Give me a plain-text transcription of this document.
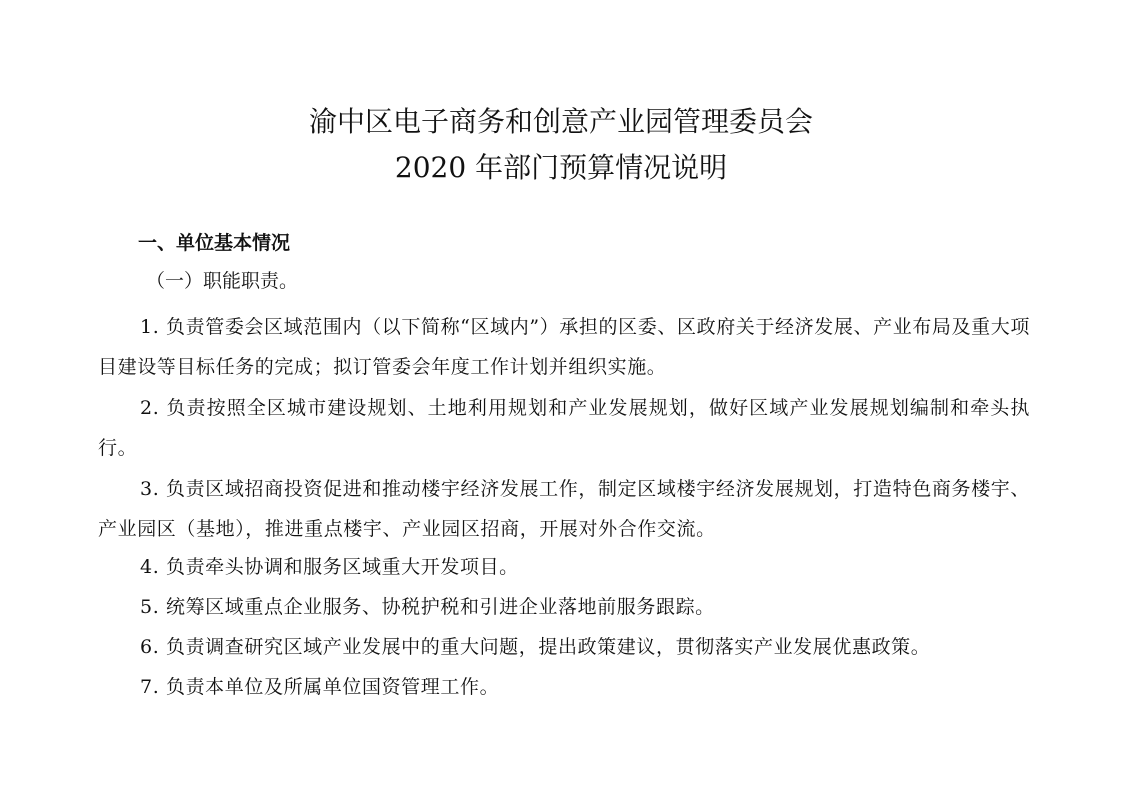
渝中区电子商务和创意产业园管理委员会
2020 年部门预算情况说明
一、单位基本情况
（一）职能职责。

1. 负责管委会区域范围内（以下简称“区域内”）承担的区委、区政府关于经济发展、产业布局及重大项目建设等目标任务的完成；拟订管委会年度工作计划并组织实施。

2. 负责按照全区城市建设规划、土地利用规划和产业发展规划，做好区域产业发展规划编制和牵头执行。

3. 负责区域招商投资促进和推动楼宇经济发展工作，制定区域楼宇经济发展规划，打造特色商务楼宇、产业园区（基地），推进重点楼宇、产业园区招商，开展对外合作交流。

4. 负责牵头协调和服务区域重大开发项目。

5. 统筹区域重点企业服务、协税护税和引进企业落地前服务跟踪。

6. 负责调查研究区域产业发展中的重大问题，提出政策建议，贯彻落实产业发展优惠政策。

7. 负责本单位及所属单位国资管理工作。
